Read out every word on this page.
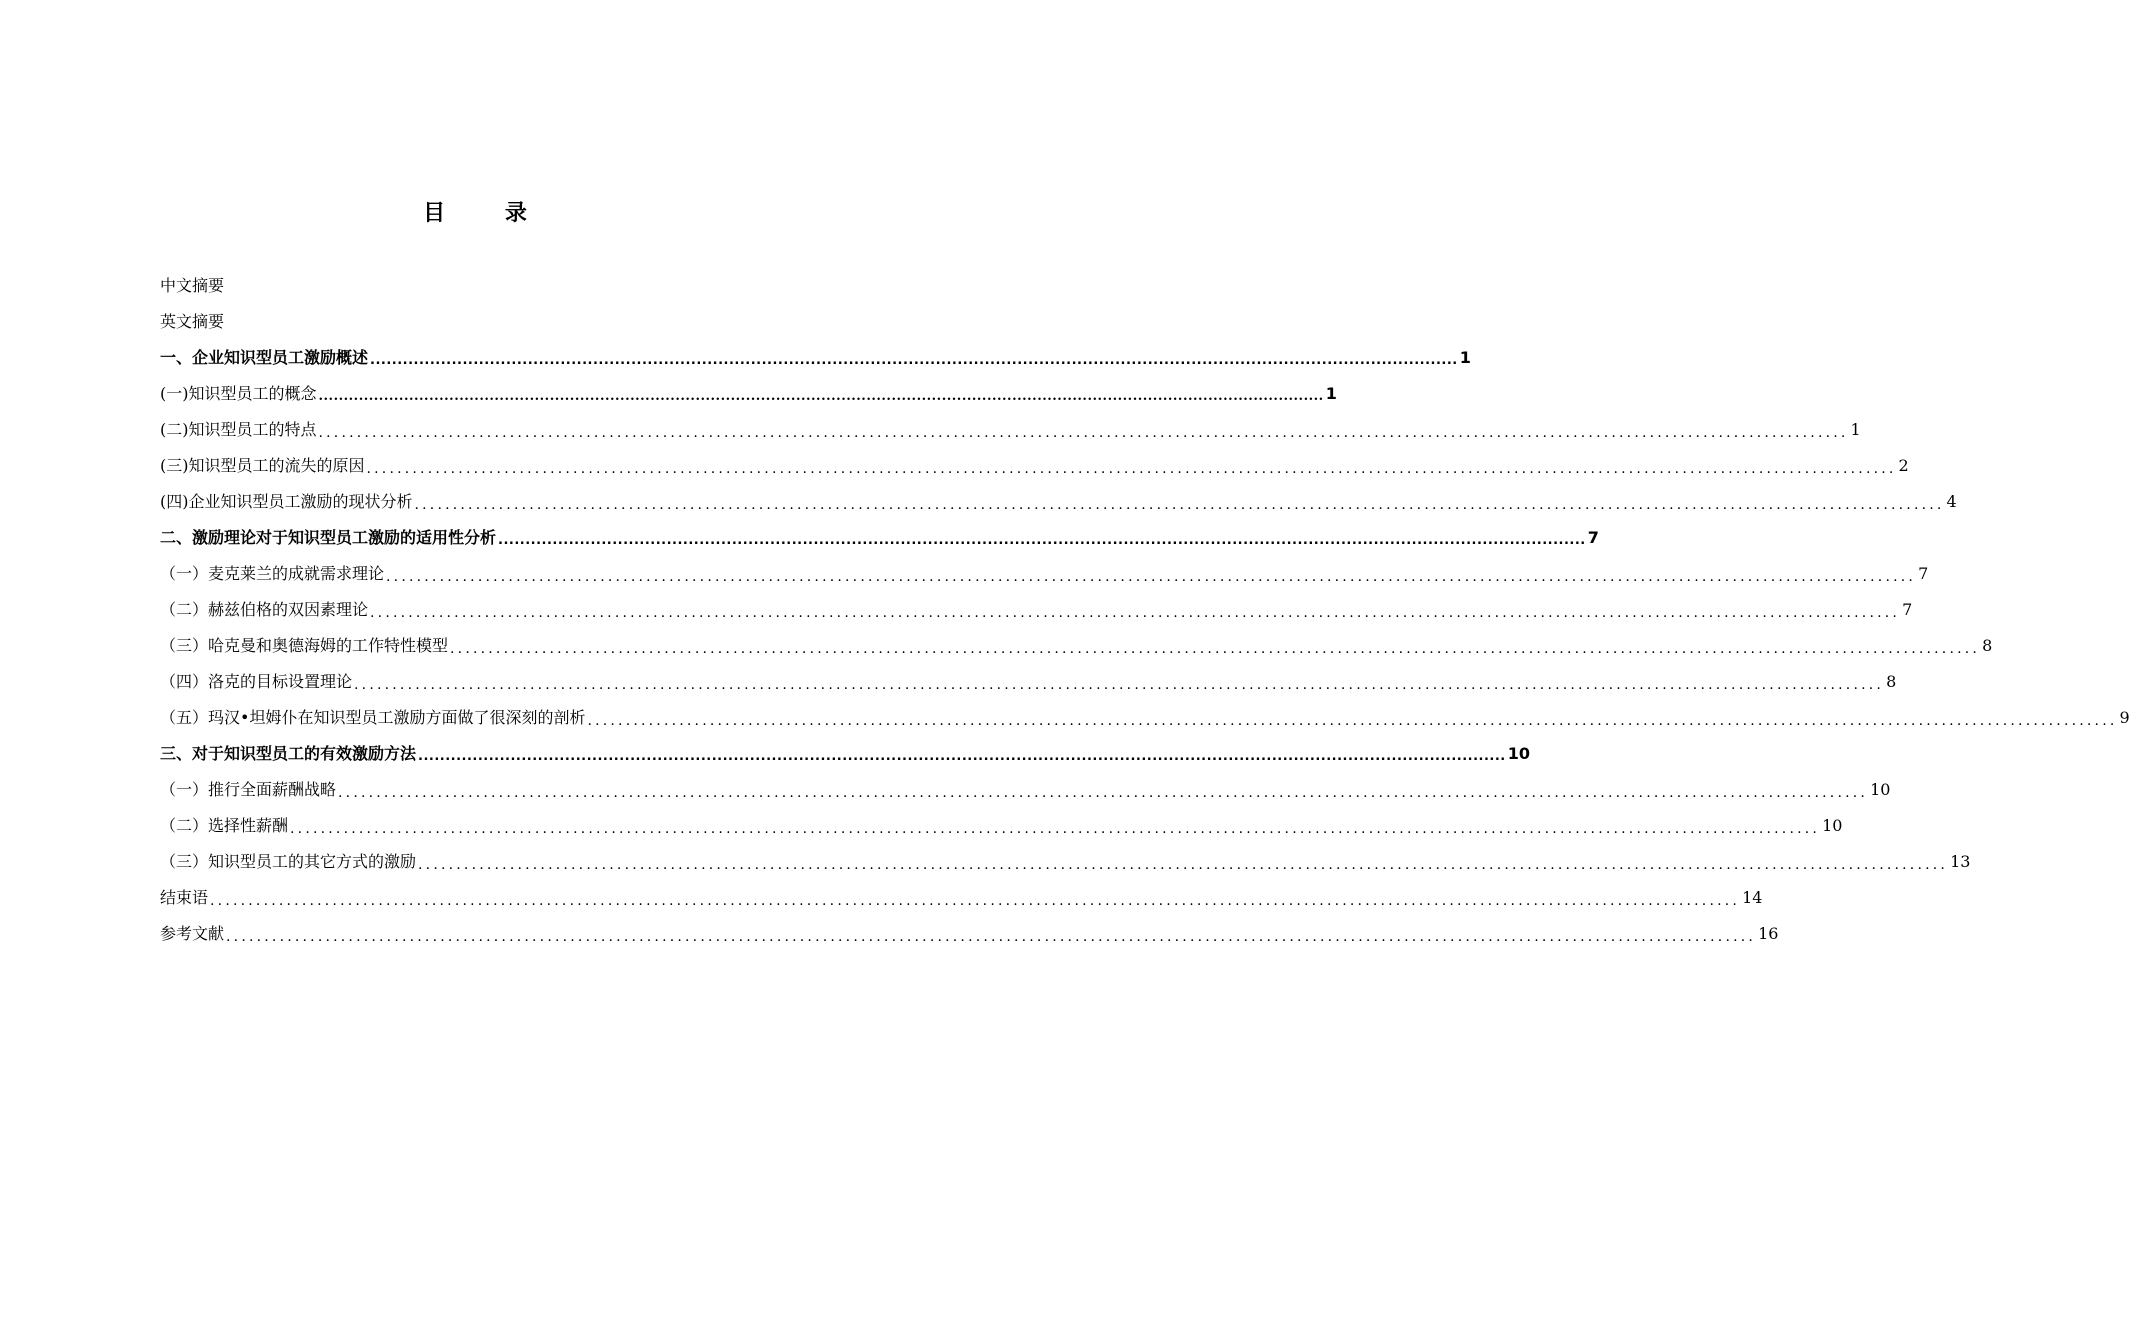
目 录
中文摘要
英文摘要
一、企业知识型员工激励概述 ........................................................................................................................................................................................................ 1
(一)知识型员工的概念 ........................................................................................................................................................................................................ 1
(二)知识型员工的特点 ........................................................................................................................................................................................................ 1
(三)知识型员工的流失的原因 ........................................................................................................................................................................................................ 2
(四)企业知识型员工激励的现状分析 ........................................................................................................................................................................................................ 4
二、激励理论对于知识型员工激励的适用性分析 ........................................................................................................................................................................................................ 7
（一）麦克莱兰的成就需求理论 ........................................................................................................................................................................................................ 7
（二）赫兹伯格的双因素理论 ........................................................................................................................................................................................................ 7
（三）哈克曼和奥德海姆的工作特性模型 ........................................................................................................................................................................................................ 8
（四）洛克的目标设置理论 ........................................................................................................................................................................................................ 8
（五）玛汉•坦姆仆在知识型员工激励方面做了很深刻的剖析 ........................................................................................................................................................................................................ 9
三、对于知识型员工的有效激励方法 ........................................................................................................................................................................................................ 10
（一）推行全面薪酬战略 ........................................................................................................................................................................................................ 10
（二）选择性薪酬 ........................................................................................................................................................................................................ 10
（三）知识型员工的其它方式的激励 ........................................................................................................................................................................................................ 13
结束语 ........................................................................................................................................................................................................ 14
参考文献 ........................................................................................................................................................................................................ 16
